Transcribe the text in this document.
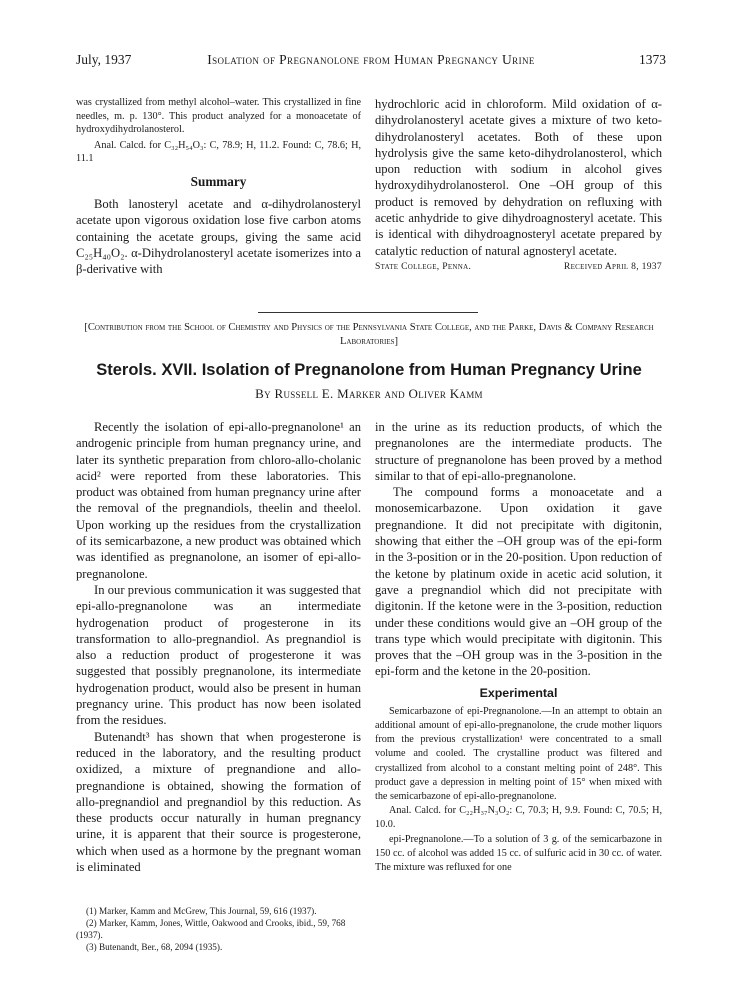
July, 1937	Isolation of Pregnanolone from Human Pregnancy Urine	1373

was crystallized from methyl alcohol–water. This crystallized in fine needles, m. p. 130°. This product analyzed for a monoacetate of hydroxydihydrolanosterol.

Anal. Calcd. for C₃₂H₅₄O₃: C, 78.9; H, 11.2. Found: C, 78.6; H, 11.1

Summary

Both lanosteryl acetate and α-dihydrolanosteryl acetate upon vigorous oxidation lose five carbon atoms containing the acetate groups, giving the same acid C₂₅H₄₀O₂. α-Dihydrolanosteryl acetate isomerizes into a β-derivative with

hydrochloric acid in chloroform. Mild oxidation of α-dihydrolanosteryl acetate gives a mixture of two keto-dihydrolanosteryl acetates. Both of these upon hydrolysis give the same keto-dihydrolanosterol, which upon reduction with sodium in alcohol gives hydroxydihydrolanosterol. One –OH group of this product is removed by dehydration on refluxing with acetic anhydride to give dihydroagnosteryl acetate. This is identical with dihydroagnosteryl acetate prepared by catalytic reduction of natural agnosteryl acetate.

State College, Penna.	Received April 8, 1937
[Contribution from the School of Chemistry and Physics of the Pennsylvania State College, and the Parke, Davis & Company Research Laboratories]
Sterols. XVII. Isolation of Pregnanolone from Human Pregnancy Urine
By Russell E. Marker and Oliver Kamm

Recently the isolation of epi-allo-pregnanolone¹ an androgenic principle from human pregnancy urine, and later its synthetic preparation from chloro-allo-cholanic acid² were reported from these laboratories. This product was obtained from human pregnancy urine after the removal of the pregnandiols, theelin and theelol. Upon working up the residues from the crystallization of its semicarbazone, a new product was obtained which was identified as pregnanolone, an isomer of epi-allo-pregnanolone.

In our previous communication it was suggested that epi-allo-pregnanolone was an intermediate hydrogenation product of progesterone in its transformation to allo-pregnandiol. As pregnandiol is also a reduction product of progesterone it was suggested that possibly pregnanolone, its intermediate hydrogenation product, would also be present in human pregnancy urine. This product has now been isolated from the residues.

Butenandt³ has shown that when progesterone is reduced in the laboratory, and the resulting product oxidized, a mixture of pregnandione and allo-pregnandione is obtained, showing the formation of allo-pregnandiol and pregnandiol by this reduction. As these products occur naturally in human pregnancy urine, it is apparent that their source is progesterone, which when used as a hormone by the pregnant woman is eliminated

(1) Marker, Kamm and McGrew, This Journal, 59, 616 (1937).

(2) Marker, Kamm, Jones, Wittle, Oakwood and Crooks, ibid., 59, 768 (1937).

(3) Butenandt, Ber., 68, 2094 (1935).

in the urine as its reduction products, of which the pregnanolones are the intermediate products. The structure of pregnanolone has been proved by a method similar to that of epi-allo-pregnanolone.

The compound forms a monoacetate and a monosemicarbazone. Upon oxidation it gave pregnandione. It did not precipitate with digitonin, showing that either the –OH group was of the epi-form in the 3-position or in the 20-position. Upon reduction of the ketone by platinum oxide in acetic acid solution, it gave a pregnandiol which did not precipitate with digitonin. If the ketone were in the 3-position, reduction under these conditions would give an –OH group of the trans type which would precipitate with digitonin. This proves that the –OH group was in the 3-position in the epi-form and the ketone in the 20-position.

Experimental

Semicarbazone of epi-Pregnanolone.—In an attempt to obtain an additional amount of epi-allo-pregnanolone, the crude mother liquors from the previous crystallization¹ were concentrated to a small volume and cooled. The crystalline product was filtered and crystallized from alcohol to a constant melting point of 248°. This product gave a depression in melting point of 15° when mixed with the semicarbazone of epi-allo-pregnanolone.

Anal. Calcd. for C₂₂H₃₇N₃O₂: C, 70.3; H, 9.9. Found: C, 70.5; H, 10.0.

epi-Pregnanolone.—To a solution of 3 g. of the semicarbazone in 150 cc. of alcohol was added 15 cc. of sulfuric acid in 30 cc. of water. The mixture was refluxed for one
